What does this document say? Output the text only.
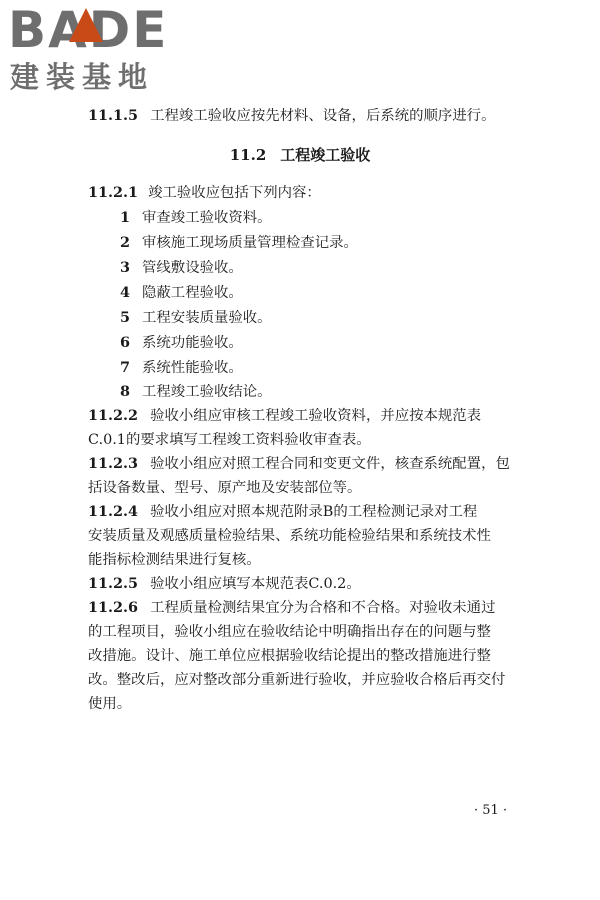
BADE
建装基地
11.1.5 工程竣工验收应按先材料、设备，后系统的顺序进行。
11.2 工程竣工验收
11.2.1 竣工验收应包括下列内容：
1 审查竣工验收资料。
2 审核施工现场质量管理检查记录。
3 管线敷设验收。
4 隐蔽工程验收。
5 工程安装质量验收。
6 系统功能验收。
7 系统性能验收。
8 工程竣工验收结论。
11.2.2 验收小组应审核工程竣工验收资料，并应按本规范表
C.0.1的要求填写工程竣工资料验收审查表。
11.2.3 验收小组应对照工程合同和变更文件，核查系统配置，包
括设备数量、型号、原产地及安装部位等。
11.2.4 验收小组应对照本规范附录B的工程检测记录对工程
安装质量及观感质量检验结果、系统功能检验结果和系统技术性
能指标检测结果进行复核。
11.2.5 验收小组应填写本规范表C.0.2。
11.2.6 工程质量检测结果宜分为合格和不合格。对验收未通过
的工程项目，验收小组应在验收结论中明确指出存在的问题与整
改措施。设计、施工单位应根据验收结论提出的整改措施进行整
改。整改后，应对整改部分重新进行验收，并应验收合格后再交付
使用。
· 51 ·
